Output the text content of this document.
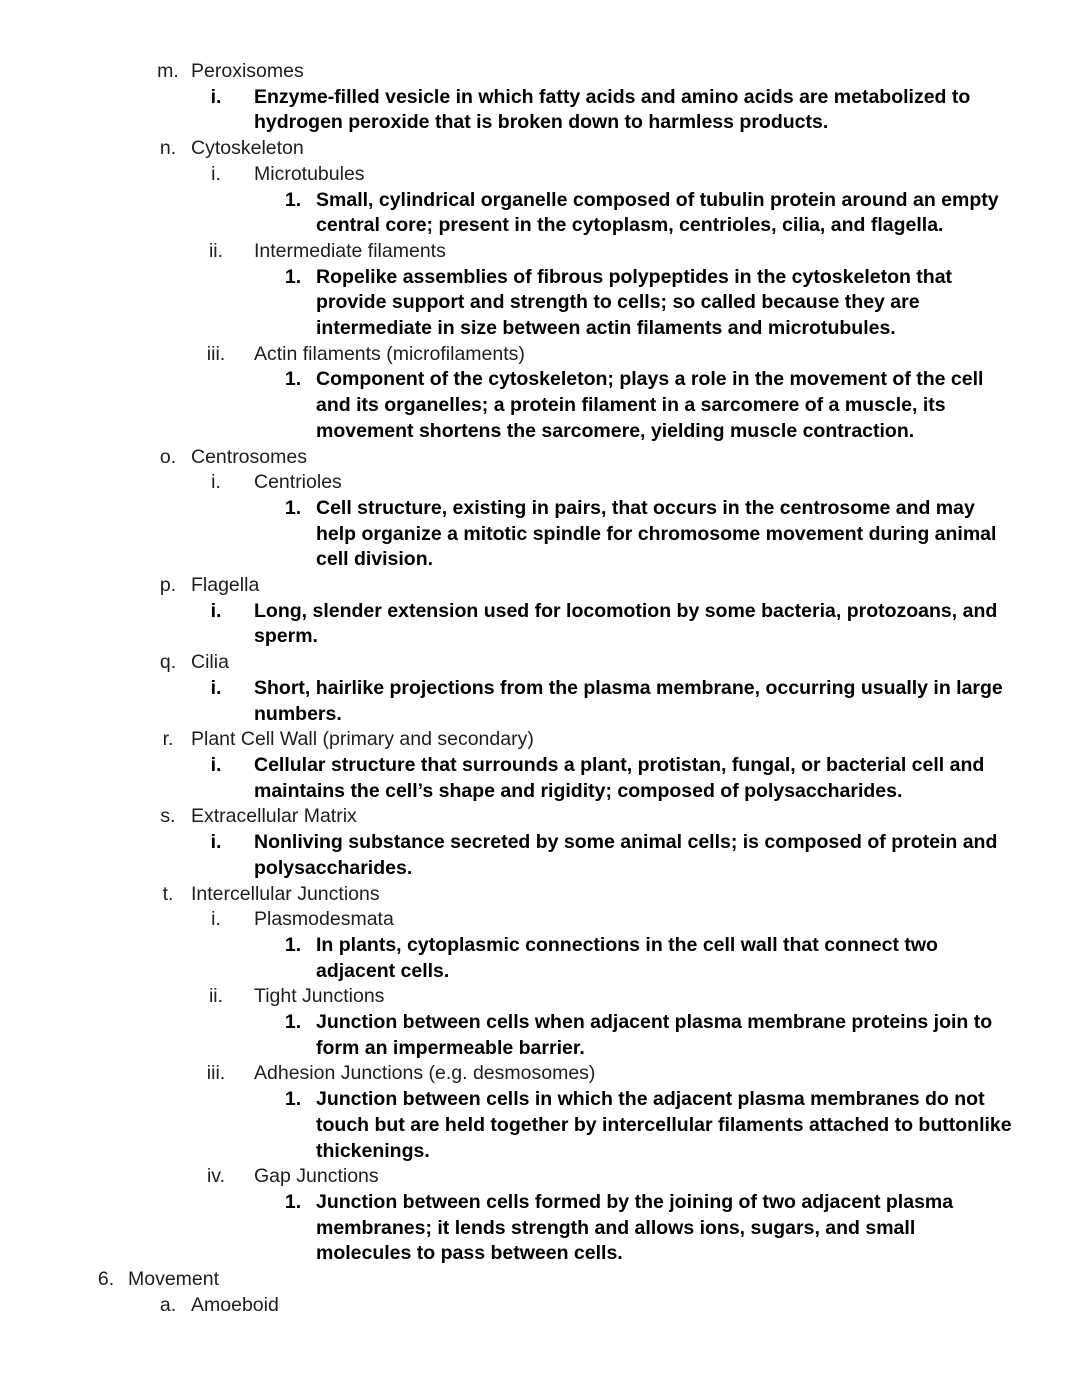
m. Peroxisomes
i.	Enzyme-filled vesicle in which fatty acids and amino acids are metabolized to hydrogen peroxide that is broken down to harmless products.
n. Cytoskeleton
i.	Microtubules
1. Small, cylindrical organelle composed of tubulin protein around an empty central core; present in the cytoplasm, centrioles, cilia, and flagella.
ii.	Intermediate filaments
1. Ropelike assemblies of fibrous polypeptides in the cytoskeleton that provide support and strength to cells; so called because they are intermediate in size between actin filaments and microtubules.
iii.	Actin filaments (microfilaments)
1. Component of the cytoskeleton; plays a role in the movement of the cell and its organelles; a protein filament in a sarcomere of a muscle, its movement shortens the sarcomere, yielding muscle contraction.
o. Centrosomes
i.	Centrioles
1. Cell structure, existing in pairs, that occurs in the centrosome and may help organize a mitotic spindle for chromosome movement during animal cell division.
p. Flagella
i.	Long, slender extension used for locomotion by some bacteria, protozoans, and sperm.
q. Cilia
i.	Short, hairlike projections from the plasma membrane, occurring usually in large numbers.
r. Plant Cell Wall (primary and secondary)
i.	Cellular structure that surrounds a plant, protistan, fungal, or bacterial cell and maintains the cell’s shape and rigidity; composed of polysaccharides.
s. Extracellular Matrix
i.	Nonliving substance secreted by some animal cells; is composed of protein and polysaccharides.
t. Intercellular Junctions
i.	Plasmodesmata
1. In plants, cytoplasmic connections in the cell wall that connect two adjacent cells.
ii.	Tight Junctions
1. Junction between cells when adjacent plasma membrane proteins join to form an impermeable barrier.
iii.	Adhesion Junctions (e.g. desmosomes)
1. Junction between cells in which the adjacent plasma membranes do not touch but are held together by intercellular filaments attached to buttonlike thickenings.
iv.	Gap Junctions
1. Junction between cells formed by the joining of two adjacent plasma membranes; it lends strength and allows ions, sugars, and small molecules to pass between cells.
6. Movement
a. Amoeboid
